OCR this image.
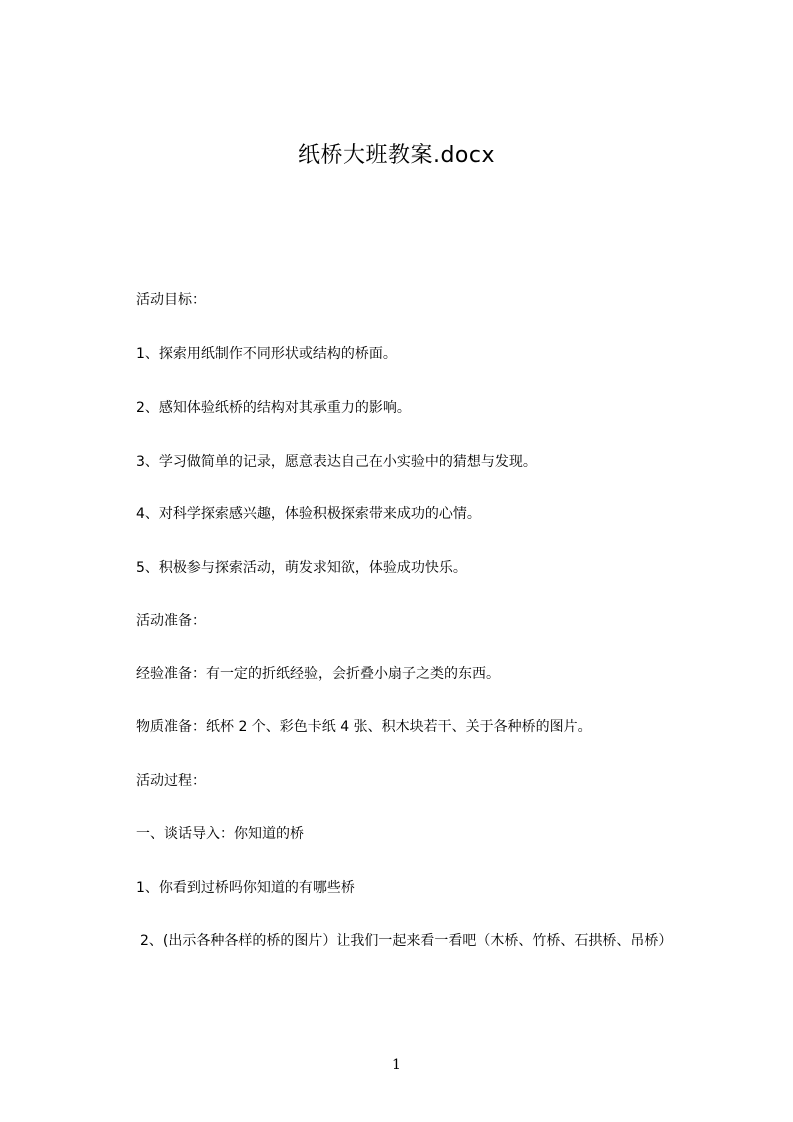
纸桥大班教案.docx
活动目标：
1、探索用纸制作不同形状或结构的桥面。
2、感知体验纸桥的结构对其承重力的影响。
3、学习做简单的记录，愿意表达自己在小实验中的猜想与发现。
4、对科学探索感兴趣，体验积极探索带来成功的心情。
5、积极参与探索活动，萌发求知欲，体验成功快乐。
活动准备：
经验准备：有一定的折纸经验，会折叠小扇子之类的东西。
物质准备：纸杯 2 个、彩色卡纸 4 张、积木块若干、关于各种桥的图片。
活动过程：
一、谈话导入：你知道的桥
1、你看到过桥吗你知道的有哪些桥
2、(出示各种各样的桥的图片）让我们一起来看一看吧（木桥、竹桥、石拱桥、吊桥）
1
